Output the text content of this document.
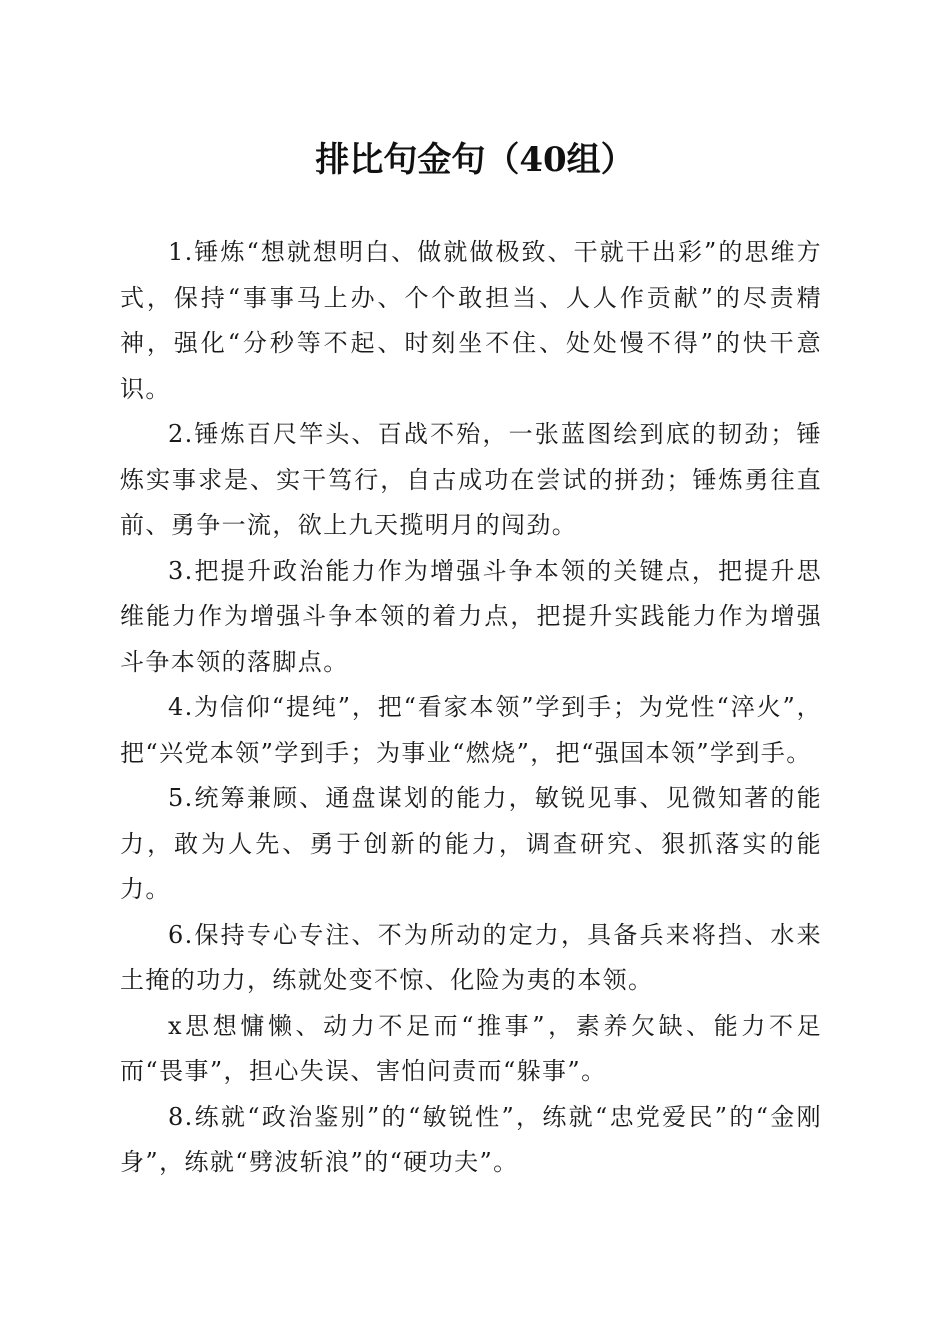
排比句金句（40组）

1.锤炼“想就想明白、做就做极致、干就干出彩”的思维方式，保持“事事马上办、个个敢担当、人人作贡献”的尽责精神，强化“分秒等不起、时刻坐不住、处处慢不得”的快干意识。

2.锤炼百尺竿头、百战不殆，一张蓝图绘到底的韧劲；锤炼实事求是、实干笃行，自古成功在尝试的拼劲；锤炼勇往直前、勇争一流，欲上九天揽明月的闯劲。

3.把提升政治能力作为增强斗争本领的关键点，把提升思维能力作为增强斗争本领的着力点，把提升实践能力作为增强斗争本领的落脚点。

4.为信仰“提纯”，把“看家本领”学到手；为党性“淬火”，把“兴党本领”学到手；为事业“燃烧”，把“强国本领”学到手。

5.统筹兼顾、通盘谋划的能力，敏锐见事、见微知著的能力，敢为人先、勇于创新的能力，调查研究、狠抓落实的能力。

6.保持专心专注、不为所动的定力，具备兵来将挡、水来土掩的功力，练就处变不惊、化险为夷的本领。

x思想慵懒、动力不足而“推事”，素养欠缺、能力不足而“畏事”，担心失误、害怕问责而“躲事”。

8.练就“政治鉴别”的“敏锐性”，练就“忠党爱民”的“金刚身”，练就“劈波斩浪”的“硬功夫”。
